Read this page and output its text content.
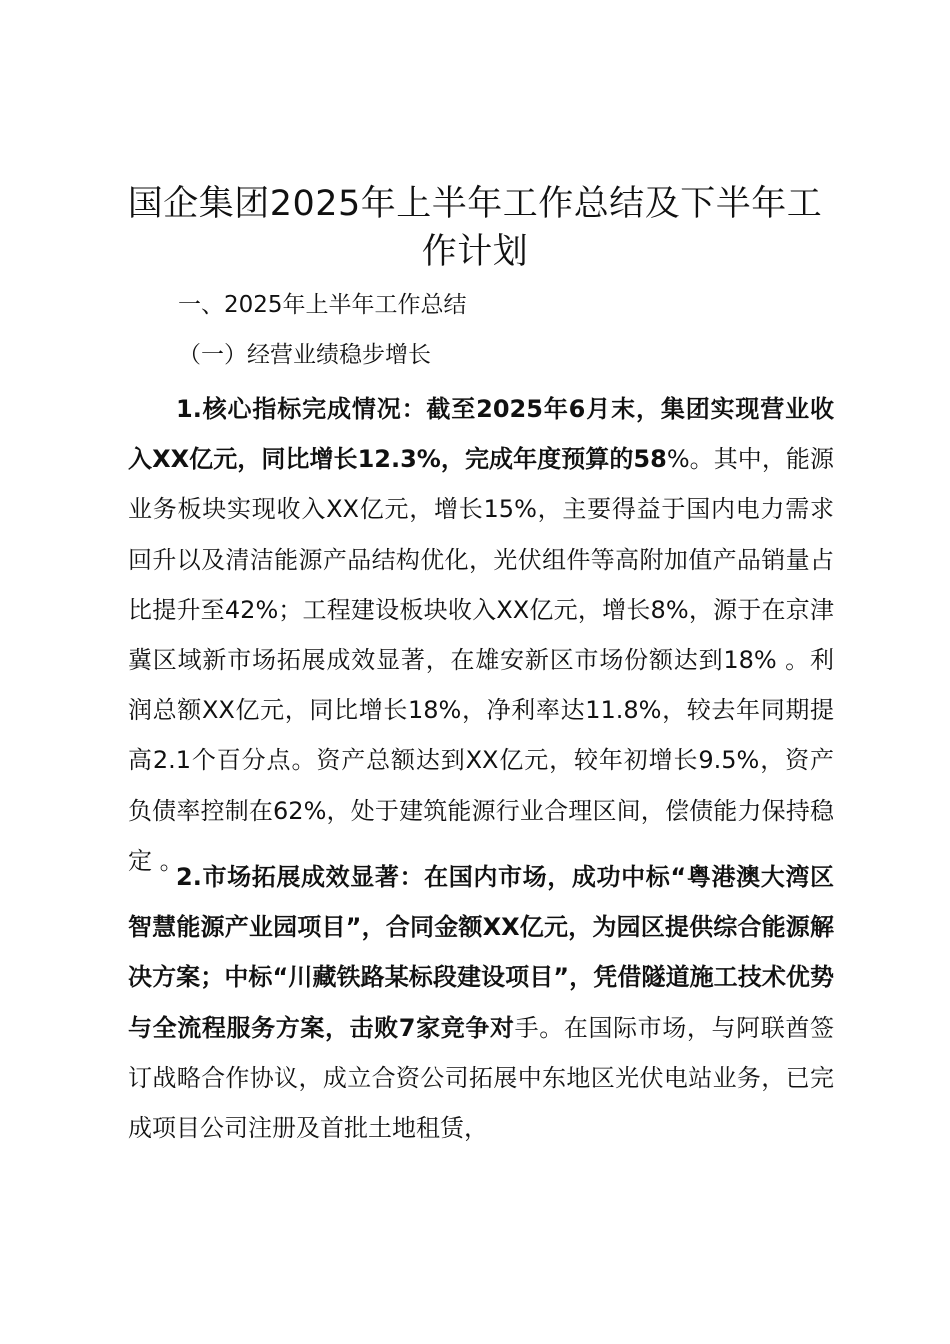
国企集团2025年上半年工作总结及下半年工作计划

一、2025年上半年工作总结

（一）经营业绩稳步增长

1.核心指标完成情况：截至2025年6月末，集团实现营业收入XX亿元，同比增长12.3%，完成年度预算的58%。其中，能源业务板块实现收入XX亿元，增长15%，主要得益于国内电力需求回升以及清洁能源产品结构优化，光伏组件等高附加值产品销量占比提升至42%；工程建设板块收入XX亿元，增长8%，源于在京津冀区域新市场拓展成效显著，在雄安新区市场份额达到18% 。利润总额XX亿元，同比增长18%，净利率达11.8%，较去年同期提高2.1个百分点。资产总额达到XX亿元，较年初增长9.5%，资产负债率控制在62%，处于建筑能源行业合理区间，偿债能力保持稳定 。

2.市场拓展成效显著：在国内市场，成功中标“粤港澳大湾区智慧能源产业园项目”，合同金额XX亿元，为园区提供综合能源解决方案；中标“川藏铁路某标段建设项目”，凭借隧道施工技术优势与全流程服务方案，击败7家竞争对手。在国际市场，与阿联酋签订战略合作协议，成立合资公司拓展中东地区光伏电站业务，已完成项目公司注册及首批土地租赁，
